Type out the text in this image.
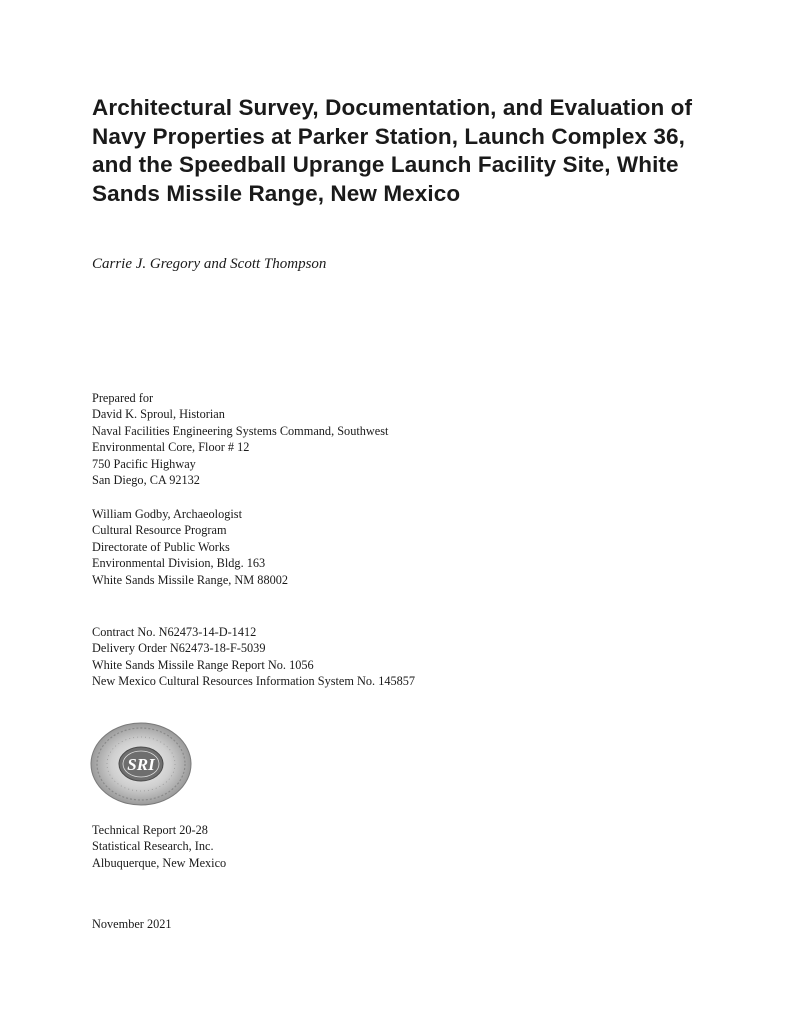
Architectural Survey, Documentation, and Evaluation of
Navy Properties at Parker Station, Launch Complex 36,
and the Speedball Uprange Launch Facility Site, White
Sands Missile Range, New Mexico

Carrie J. Gregory and Scott Thompson

Prepared for
David K. Sproul, Historian
Naval Facilities Engineering Systems Command, Southwest
Environmental Core, Floor # 12
750 Pacific Highway
San Diego, CA 92132
William Godby, Archaeologist
Cultural Resource Program
Directorate of Public Works
Environmental Division, Bldg. 163
White Sands Missile Range, NM 88002
Contract No. N62473-14-D-1412
Delivery Order N62473-18-F-5039
White Sands Missile Range Report No. 1056
New Mexico Cultural Resources Information System No. 145857
SRI
Technical Report 20-28
Statistical Research, Inc.
Albuquerque, New Mexico
November 2021
